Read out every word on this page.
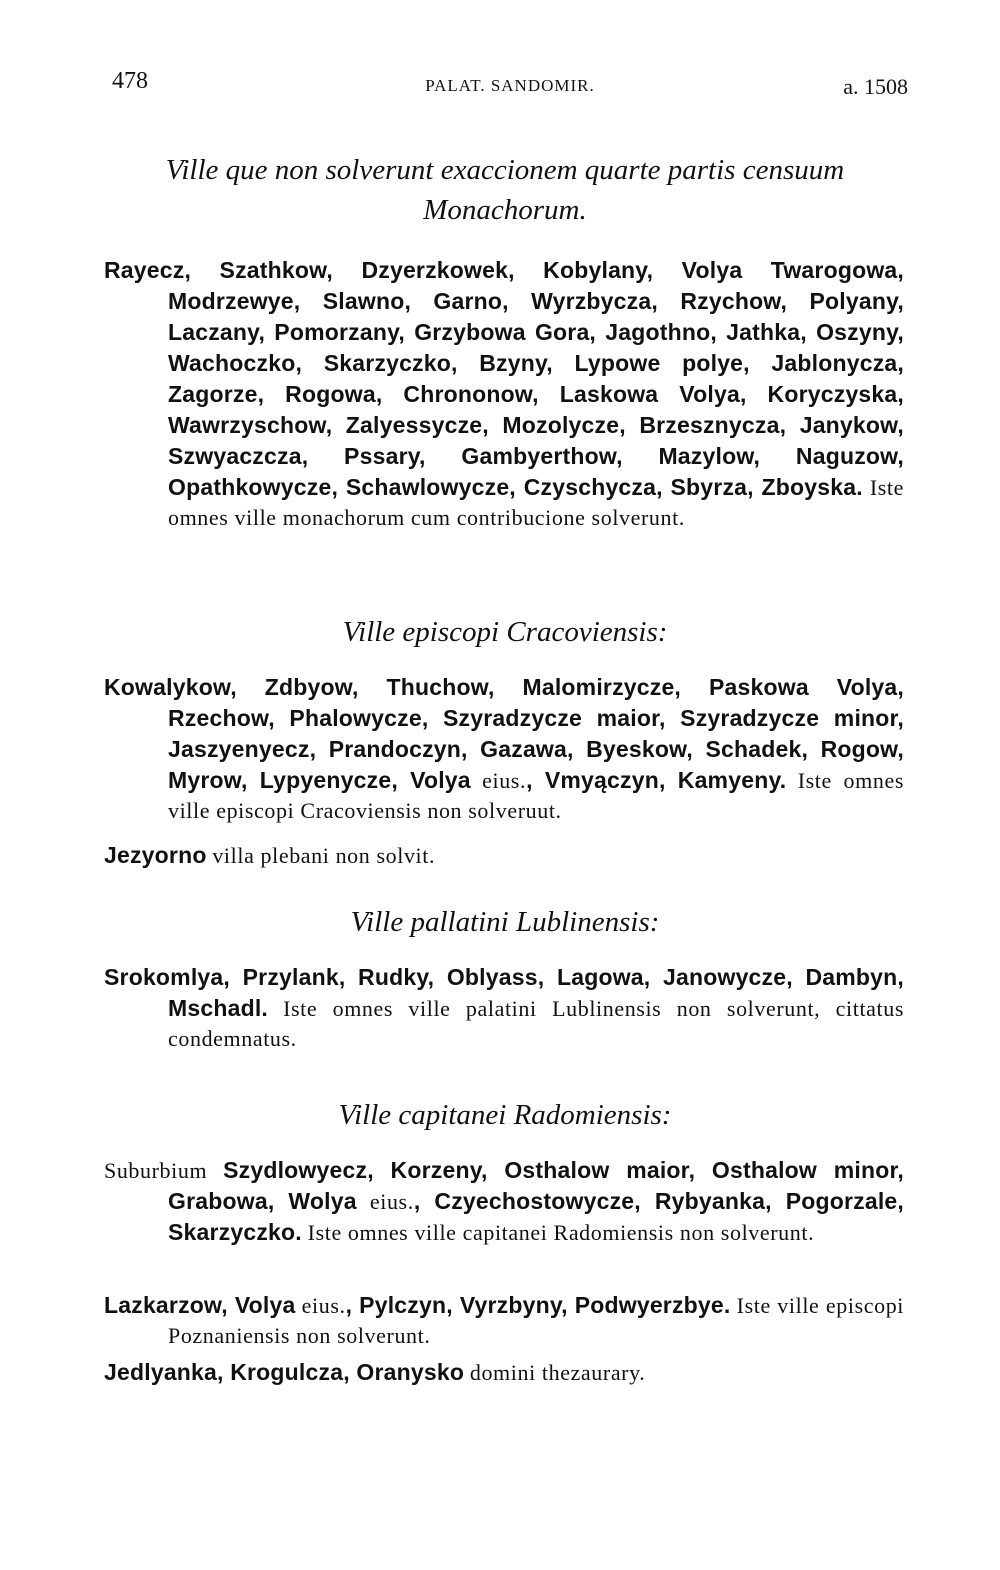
478	PALAT. SANDOMIR.	a. 1508
Ville que non solverunt exaccionem quarte partis censuum Monachorum.

Rayecz, Szathkow, Dzyerzkowek, Kobylany, Volya Twarogowa, Modrzewye, Slawno, Garno, Wyrzbycza, Rzychow, Polyany, Laczany, Pomorzany, Grzybowa Gora, Jagothno, Jathka, Oszyny, Wachoczko, Skarzyczko, Bzyny, Lypowe polye, Jablonycza, Zagorze, Rogowa, Chrononow, Laskowa Volya, Koryczyska, Wawrzyschow, Zalyessycze, Mozolycze, Brzesznycza, Janykow, Szwyaczcza, Pssary, Gambyerthow, Mazylow, Naguzow, Opathkowycze, Schawlowycze, Czyschycza, Sbyrza, Zboyska. Iste omnes ville monachorum cum contribucione solverunt.

Ville episcopi Cracoviensis:

Kowalykow, Zdbyow, Thuchow, Malomirzycze, Paskowa Volya, Rzechow, Phalowycze, Szyradzycze maior, Szyradzycze minor, Jaszyenyecz, Prandoczyn, Gazawa, Byeskow, Schadek, Rogow, Myrow, Lypyenycze, Volya eius., Vmyączyn, Kamyeny. Iste omnes ville episcopi Cracoviensis non solveruut.

Jezyorno villa plebani non solvit.

Ville pallatini Lublinensis:

Srokomlya, Przylank, Rudky, Oblyass, Lagowa, Janowycze, Dambyn, Mschadl. Iste omnes ville palatini Lublinensis non solverunt, cittatus condemnatus.

Ville capitanei Radomiensis:

Suburbium Szydlowyecz, Korzeny, Osthalow maior, Osthalow minor, Grabowa, Wolya eius., Czyechostowycze, Rybyanka, Pogorzale, Skarzyczko. Iste omnes ville capitanei Radomiensis non solverunt.

Lazkarzow, Volya eius., Pylczyn, Vyrzbyny, Podwyerzbye. Iste ville episcopi Poznaniensis non solverunt.

Jedlyanka, Krogulcza, Oranysko domini thezaurary.
